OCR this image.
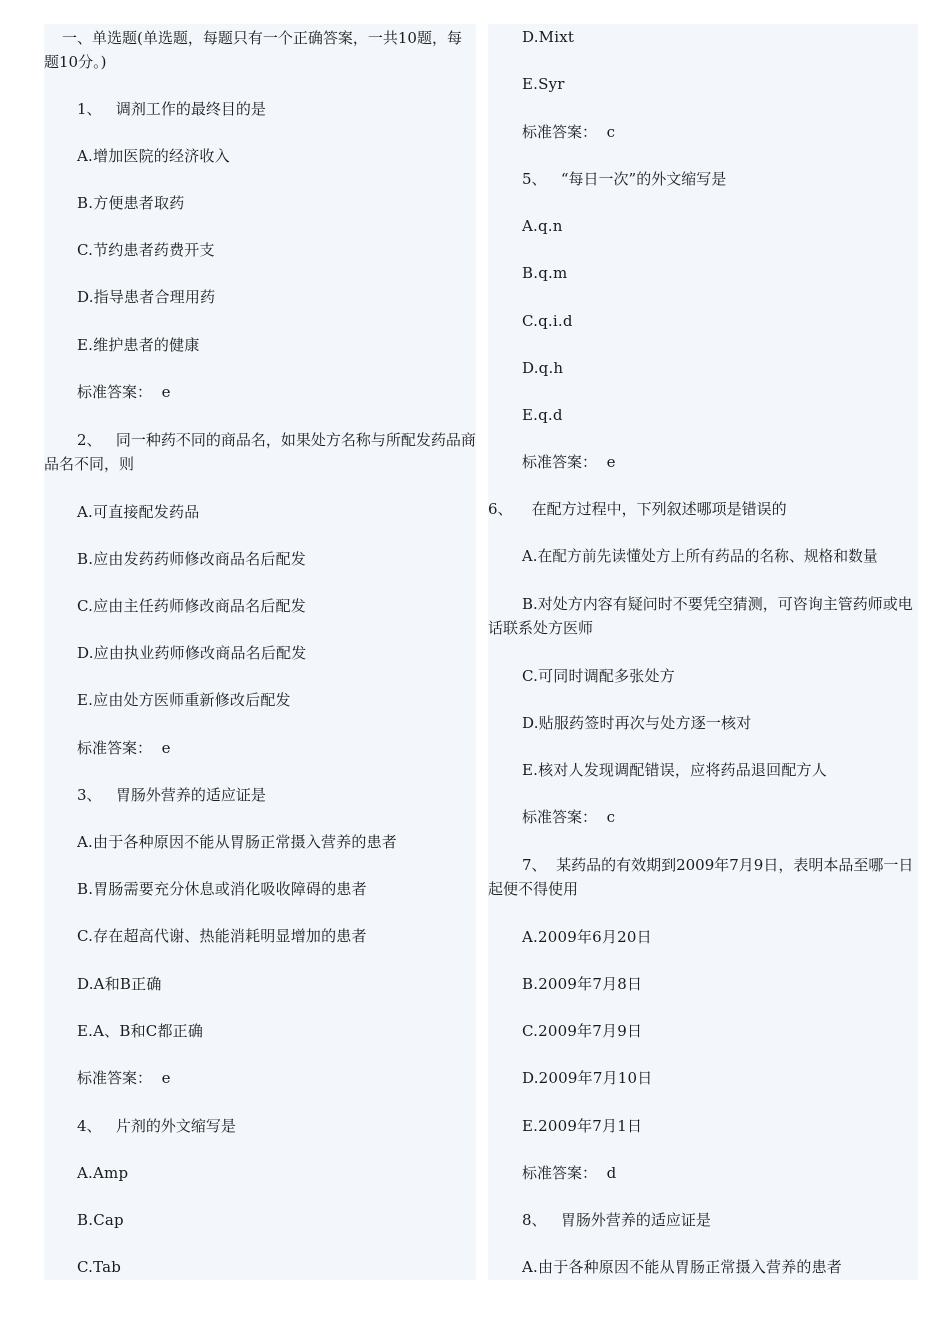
一、单选题(单选题，每题只有一个正确答案，一共10题，每题10分。)
1、 调剂工作的最终目的是
A.增加医院的经济收入
B.方便患者取药
C.节约患者药费开支
D.指导患者合理用药
E.维护患者的健康
标准答案： e
2、 同一种药不同的商品名，如果处方名称与所配发药品商品名不同，则
A.可直接配发药品
B.应由发药药师修改商品名后配发
C.应由主任药师修改商品名后配发
D.应由执业药师修改商品名后配发
E.应由处方医师重新修改后配发
标准答案： e
3、 胃肠外营养的适应证是
A.由于各种原因不能从胃肠正常摄入营养的患者
B.胃肠需要充分休息或消化吸收障碍的患者
C.存在超高代谢、热能消耗明显增加的患者
D.A和B正确
E.A、B和C都正确
标准答案： e
4、 片剂的外文缩写是
A.Amp
B.Cap
C.Tab
D.Mixt
E.Syr
标准答案： c
5、 “每日一次”的外文缩写是
A.q.n
B.q.m
C.q.i.d
D.q.h
E.q.d
标准答案： e
6、 在配方过程中，下列叙述哪项是错误的
A.在配方前先读懂处方上所有药品的名称、规格和数量
B.对处方内容有疑问时不要凭空猜测，可咨询主管药师或电话联系处方医师
C.可同时调配多张处方
D.贴服药签时再次与处方逐一核对
E.核对人发现调配错误，应将药品退回配方人
标准答案： c
7、 某药品的有效期到2009年7月9日，表明本品至哪一日起便不得使用
A.2009年6月20日
B.2009年7月8日
C.2009年7月9日
D.2009年7月10日
E.2009年7月1日
标准答案： d
8、 胃肠外营养的适应证是
A.由于各种原因不能从胃肠正常摄入营养的患者
